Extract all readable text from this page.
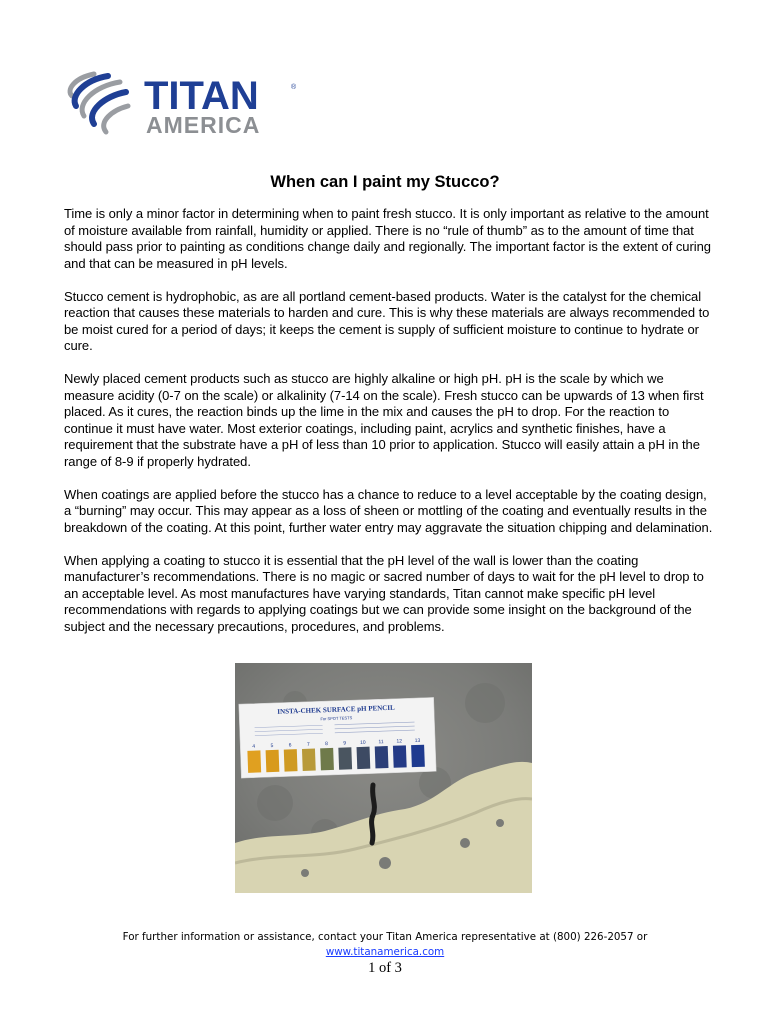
TITAN	®
AMERICA
When can I paint my Stucco?

Time is only a minor factor in determining when to paint fresh stucco. It is only important as relative to the amount of moisture available from rainfall, humidity or applied. There is no “rule of thumb” as to the amount of time that should pass prior to painting as conditions change daily and regionally. The important factor is the extent of curing and that can be measured in pH levels.

Stucco cement is hydrophobic, as are all portland cement-based products. Water is the catalyst for the chemical reaction that causes these materials to harden and cure. This is why these materials are always recommended to be moist cured for a period of days; it keeps the cement is supply of sufficient moisture to continue to hydrate or cure.

Newly placed cement products such as stucco are highly alkaline or high pH. pH is the scale by which we measure acidity (0-7 on the scale) or alkalinity (7-14 on the scale). Fresh stucco can be upwards of 13 when first placed. As it cures, the reaction binds up the lime in the mix and causes the pH to drop. For the reaction to continue it must have water. Most exterior coatings, including paint, acrylics and synthetic finishes, have a requirement that the substrate have a pH of less than 10 prior to application. Stucco will easily attain a pH in the range of 8-9 if properly hydrated.

When coatings are applied before the stucco has a chance to reduce to a level acceptable by the coating design, a “burning” may occur. This may appear as a loss of sheen or mottling of the coating and eventually results in the breakdown of the coating. At this point, further water entry may aggravate the situation chipping and delamination.

When applying a coating to stucco it is essential that the pH level of the wall is lower than the coating manufacturer’s recommendations. There is no magic or sacred number of days to wait for the pH level to drop to an acceptable level. As most manufactures have varying standards, Titan cannot make specific pH level recommendations with regards to applying coatings but we can provide some insight on the background of the subject and the necessary precautions, procedures, and problems.

INSTA-CHEK SURFACE pH PENCIL
For SPOT TESTS
4	5	6	7	8	9	10	11	12 13
For further information or assistance, contact your Titan America representative at (800) 226-2057 or
www.titanamerica.com
1 of 3
